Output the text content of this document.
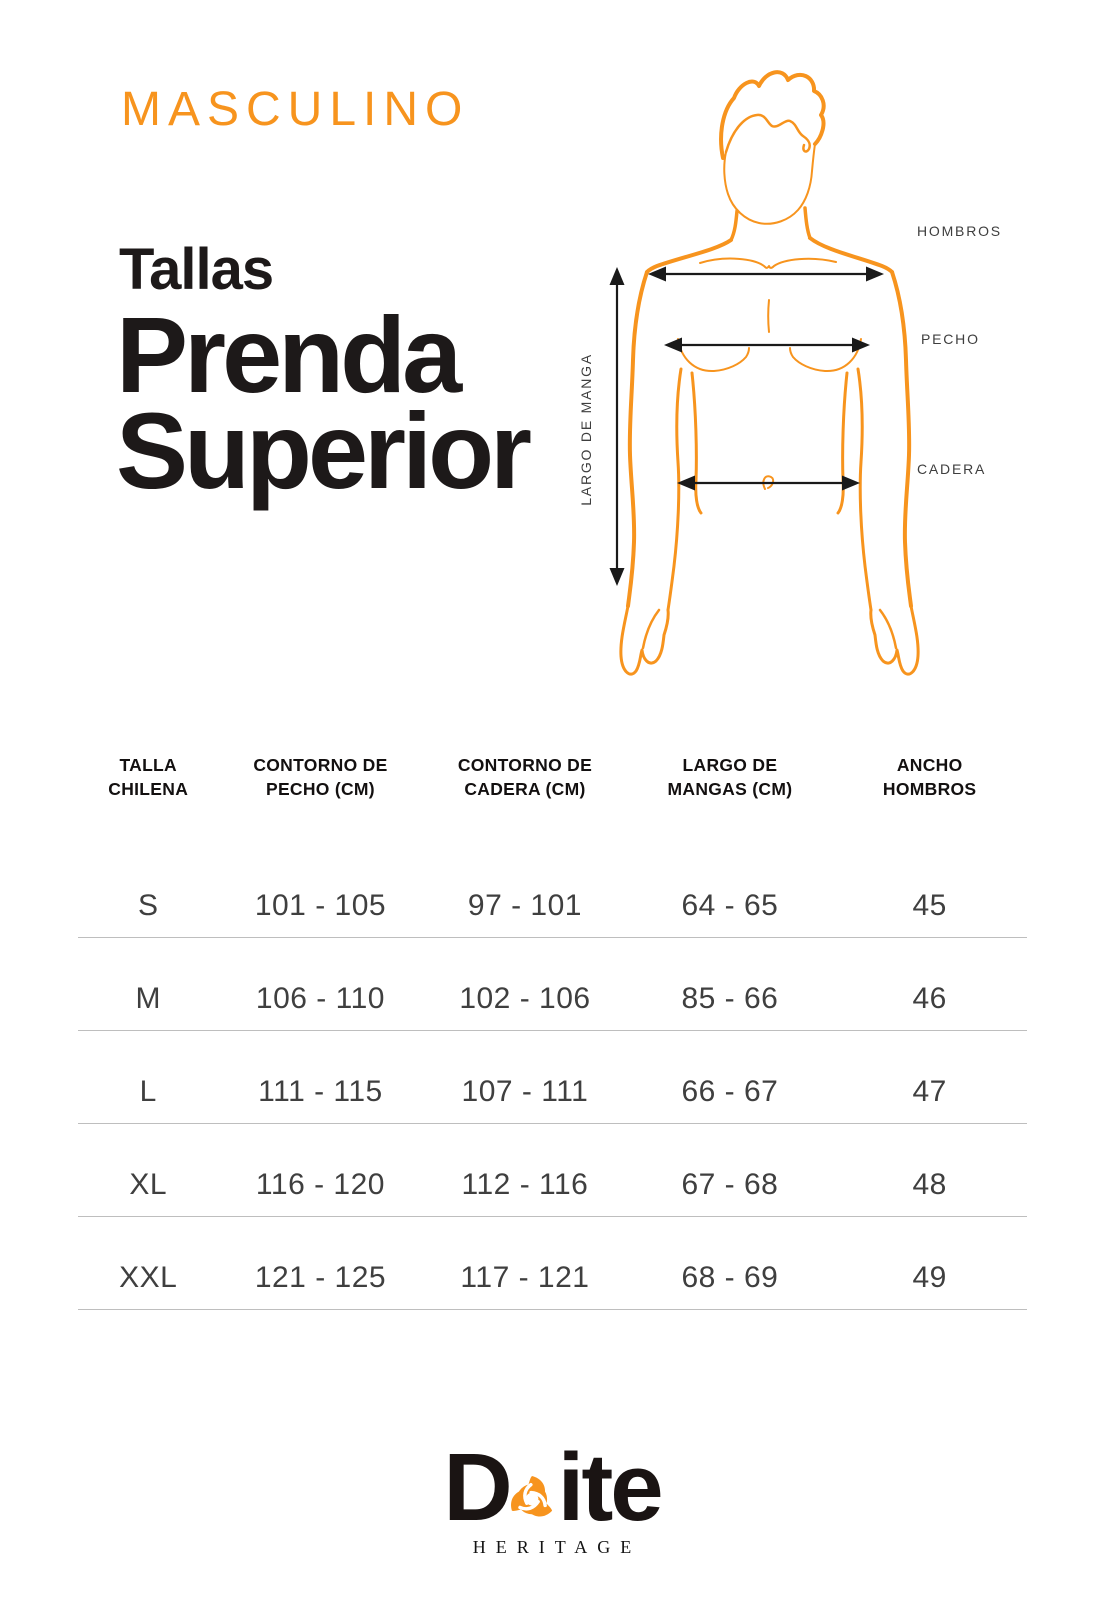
MASCULINO
Tallas
Prenda
Superior
HOMBROS
PECHO
CADERA
LARGO DE MANGA
TALLA
CHILENA
CONTORNO DE
PECHO (CM)
CONTORNO DE
CADERA (CM)
LARGO DE
MANGAS (CM)
ANCHO
HOMBROS
S	101 - 105	97 - 101	64 - 65	45
M	106 - 110	102 - 106	85 - 66	46
L	111 - 115	107 - 111	66 - 67	47
XL	116 - 120	112 - 116	67 - 68	48
XXL	121 - 125	117 - 121	68 - 69	49
D ite
HERITAGE
